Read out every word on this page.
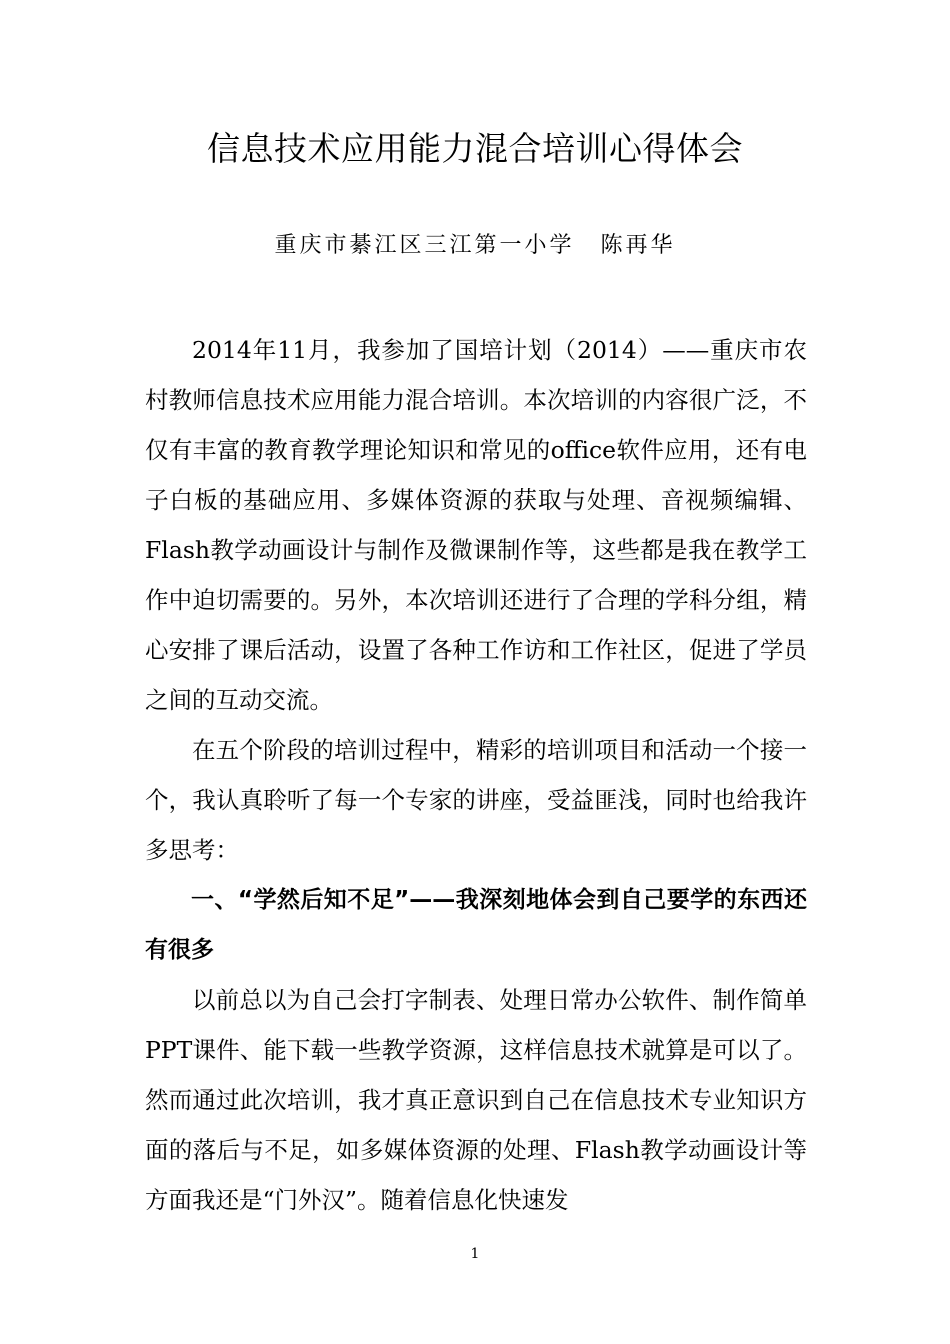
信息技术应用能力混合培训心得体会
重庆市綦江区三江第一小学 陈再华

2014年11月，我参加了国培计划（2014）——重庆市农村教师信息技术应用能力混合培训。本次培训的内容很广泛，不仅有丰富的教育教学理论知识和常见的office软件应用，还有电子白板的基础应用、多媒体资源的获取与处理、音视频编辑、Flash教学动画设计与制作及微课制作等，这些都是我在教学工作中迫切需要的。另外，本次培训还进行了合理的学科分组，精心安排了课后活动，设置了各种工作访和工作社区，促进了学员之间的互动交流。

在五个阶段的培训过程中，精彩的培训项目和活动一个接一个，我认真聆听了每一个专家的讲座，受益匪浅，同时也给我许多思考：

一、“学然后知不足”——我深刻地体会到自己要学的东西还有很多

以前总以为自己会打字制表、处理日常办公软件、制作简单PPT课件、能下载一些教学资源，这样信息技术就算是可以了。然而通过此次培训，我才真正意识到自己在信息技术专业知识方面的落后与不足，如多媒体资源的处理、Flash教学动画设计等方面我还是“门外汉”。随着信息化快速发

1
